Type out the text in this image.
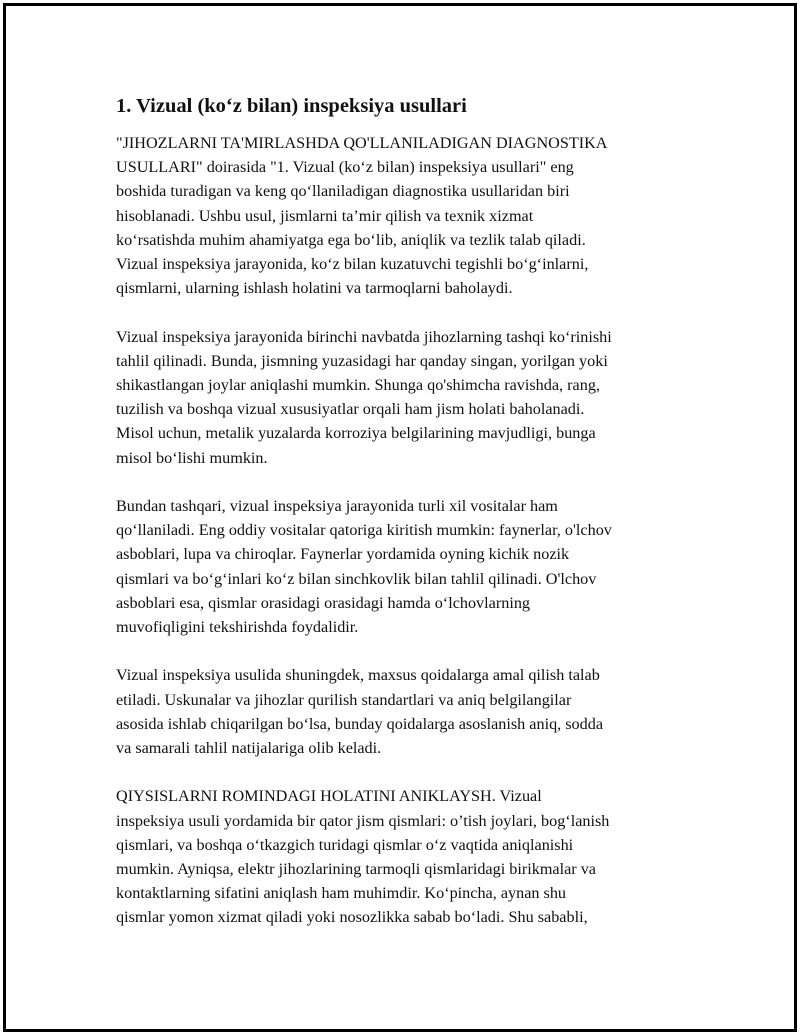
1. Vizual (ko‘z bilan) inspeksiya usullari
"JIHOZLARNI TA'MIRLASHDA QO'LLANILADIGAN DIAGNOSTIKA
USULLARI" doirasida "1. Vizual (ko‘z bilan) inspeksiya usullari" eng
boshida turadigan va keng qo‘llaniladigan diagnostika usullaridan biri
hisoblanadi. Ushbu usul, jismlarni ta’mir qilish va texnik xizmat
ko‘rsatishda muhim ahamiyatga ega bo‘lib, aniqlik va tezlik talab qiladi.
Vizual inspeksiya jarayonida, ko‘z bilan kuzatuvchi tegishli bo‘g‘inlarni,
qismlarni, ularning ishlash holatini va tarmoqlarni baholaydi.
Vizual inspeksiya jarayonida birinchi navbatda jihozlarning tashqi ko‘rinishi
tahlil qilinadi. Bunda, jismning yuzasidagi har qanday singan, yorilgan yoki
shikastlangan joylar aniqlashi mumkin. Shunga qo'shimcha ravishda, rang,
tuzilish va boshqa vizual xususiyatlar orqali ham jism holati baholanadi.
Misol uchun, metalik yuzalarda korroziya belgilarining mavjudligi, bunga
misol bo‘lishi mumkin.
Bundan tashqari, vizual inspeksiya jarayonida turli xil vositalar ham
qo‘llaniladi. Eng oddiy vositalar qatoriga kiritish mumkin: faynerlar, o'lchov
asboblari, lupa va chiroqlar. Faynerlar yordamida oyning kichik nozik
qismlari va bo‘g‘inlari ko‘z bilan sinchkovlik bilan tahlil qilinadi. O'lchov
asboblari esa, qismlar orasidagi orasidagi hamda o‘lchovlarning
muvofiqligini tekshirishda foydalidir.
Vizual inspeksiya usulida shuningdek, maxsus qoidalarga amal qilish talab
etiladi. Uskunalar va jihozlar qurilish standartlari va aniq belgilangilar
asosida ishlab chiqarilgan bo‘lsa, bunday qoidalarga asoslanish aniq, sodda
va samarali tahlil natijalariga olib keladi.
QIYSISLARNI ROMINDAGI HOLATINI ANIKLAYSH. Vizual
inspeksiya usuli yordamida bir qator jism qismlari: o’tish joylari, bog‘lanish
qismlari, va boshqa o‘tkazgich turidagi qismlar o‘z vaqtida aniqlanishi
mumkin. Ayniqsa, elektr jihozlarining tarmoqli qismlaridagi birikmalar va
kontaktlarning sifatini aniqlash ham muhimdir. Ko‘pincha, aynan shu
qismlar yomon xizmat qiladi yoki nosozlikka sabab bo‘ladi. Shu sababli,
